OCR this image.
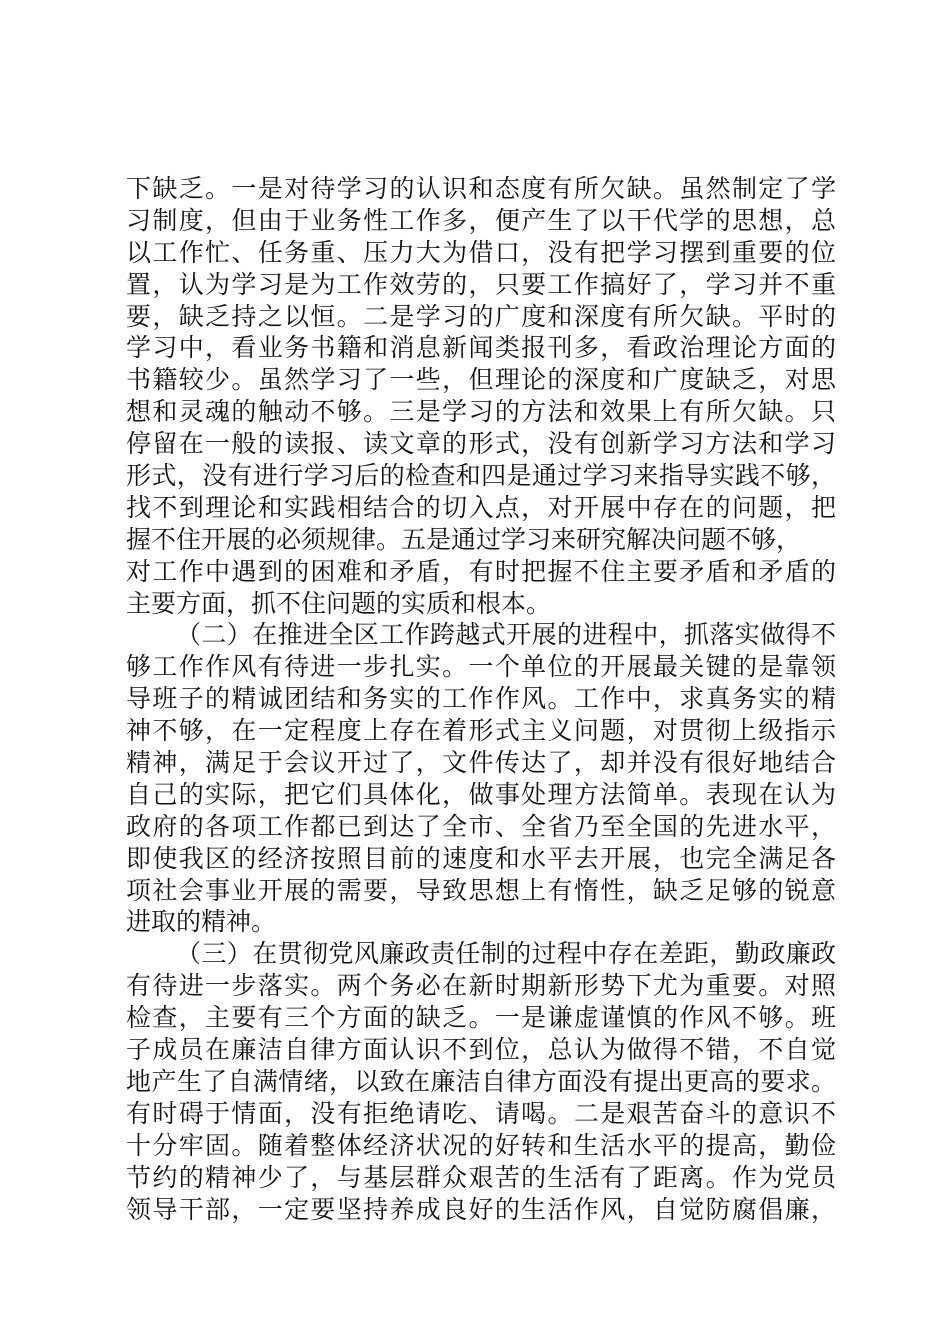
下缺乏。一是对待学习的认识和态度有所欠缺。虽然制定了学
习制度，但由于业务性工作多，便产生了以干代学的思想，总
以工作忙、任务重、压力大为借口，没有把学习摆到重要的位
置，认为学习是为工作效劳的，只要工作搞好了，学习并不重
要，缺乏持之以恒。二是学习的广度和深度有所欠缺。平时的
学习中，看业务书籍和消息新闻类报刊多，看政治理论方面的
书籍较少。虽然学习了一些，但理论的深度和广度缺乏，对思
想和灵魂的触动不够。三是学习的方法和效果上有所欠缺。只
停留在一般的读报、读文章的形式，没有创新学习方法和学习
形式，没有进行学习后的检查和四是通过学习来指导实践不够，
找不到理论和实践相结合的切入点，对开展中存在的问题，把
握不住开展的必须规律。五是通过学习来研究解决问题不够，
对工作中遇到的困难和矛盾，有时把握不住主要矛盾和矛盾的
主要方面，抓不住问题的实质和根本。
（二）在推进全区工作跨越式开展的进程中，抓落实做得不
够工作作风有待进一步扎实。一个单位的开展最关键的是靠领
导班子的精诚团结和务实的工作作风。工作中，求真务实的精
神不够，在一定程度上存在着形式主义问题，对贯彻上级指示
精神，满足于会议开过了，文件传达了，却并没有很好地结合
自己的实际，把它们具体化，做事处理方法简单。表现在认为
政府的各项工作都已到达了全市、全省乃至全国的先进水平，
即使我区的经济按照目前的速度和水平去开展，也完全满足各
项社会事业开展的需要，导致思想上有惰性，缺乏足够的锐意
进取的精神。
（三）在贯彻党风廉政责任制的过程中存在差距，勤政廉政
有待进一步落实。两个务必在新时期新形势下尤为重要。对照
检查，主要有三个方面的缺乏。一是谦虚谨慎的作风不够。班
子成员在廉洁自律方面认识不到位，总认为做得不错，不自觉
地产生了自满情绪，以致在廉洁自律方面没有提出更高的要求。
有时碍于情面，没有拒绝请吃、请喝。二是艰苦奋斗的意识不
十分牢固。随着整体经济状况的好转和生活水平的提高，勤俭
节约的精神少了，与基层群众艰苦的生活有了距离。作为党员
领导干部，一定要坚持养成良好的生活作风，自觉防腐倡廉，
